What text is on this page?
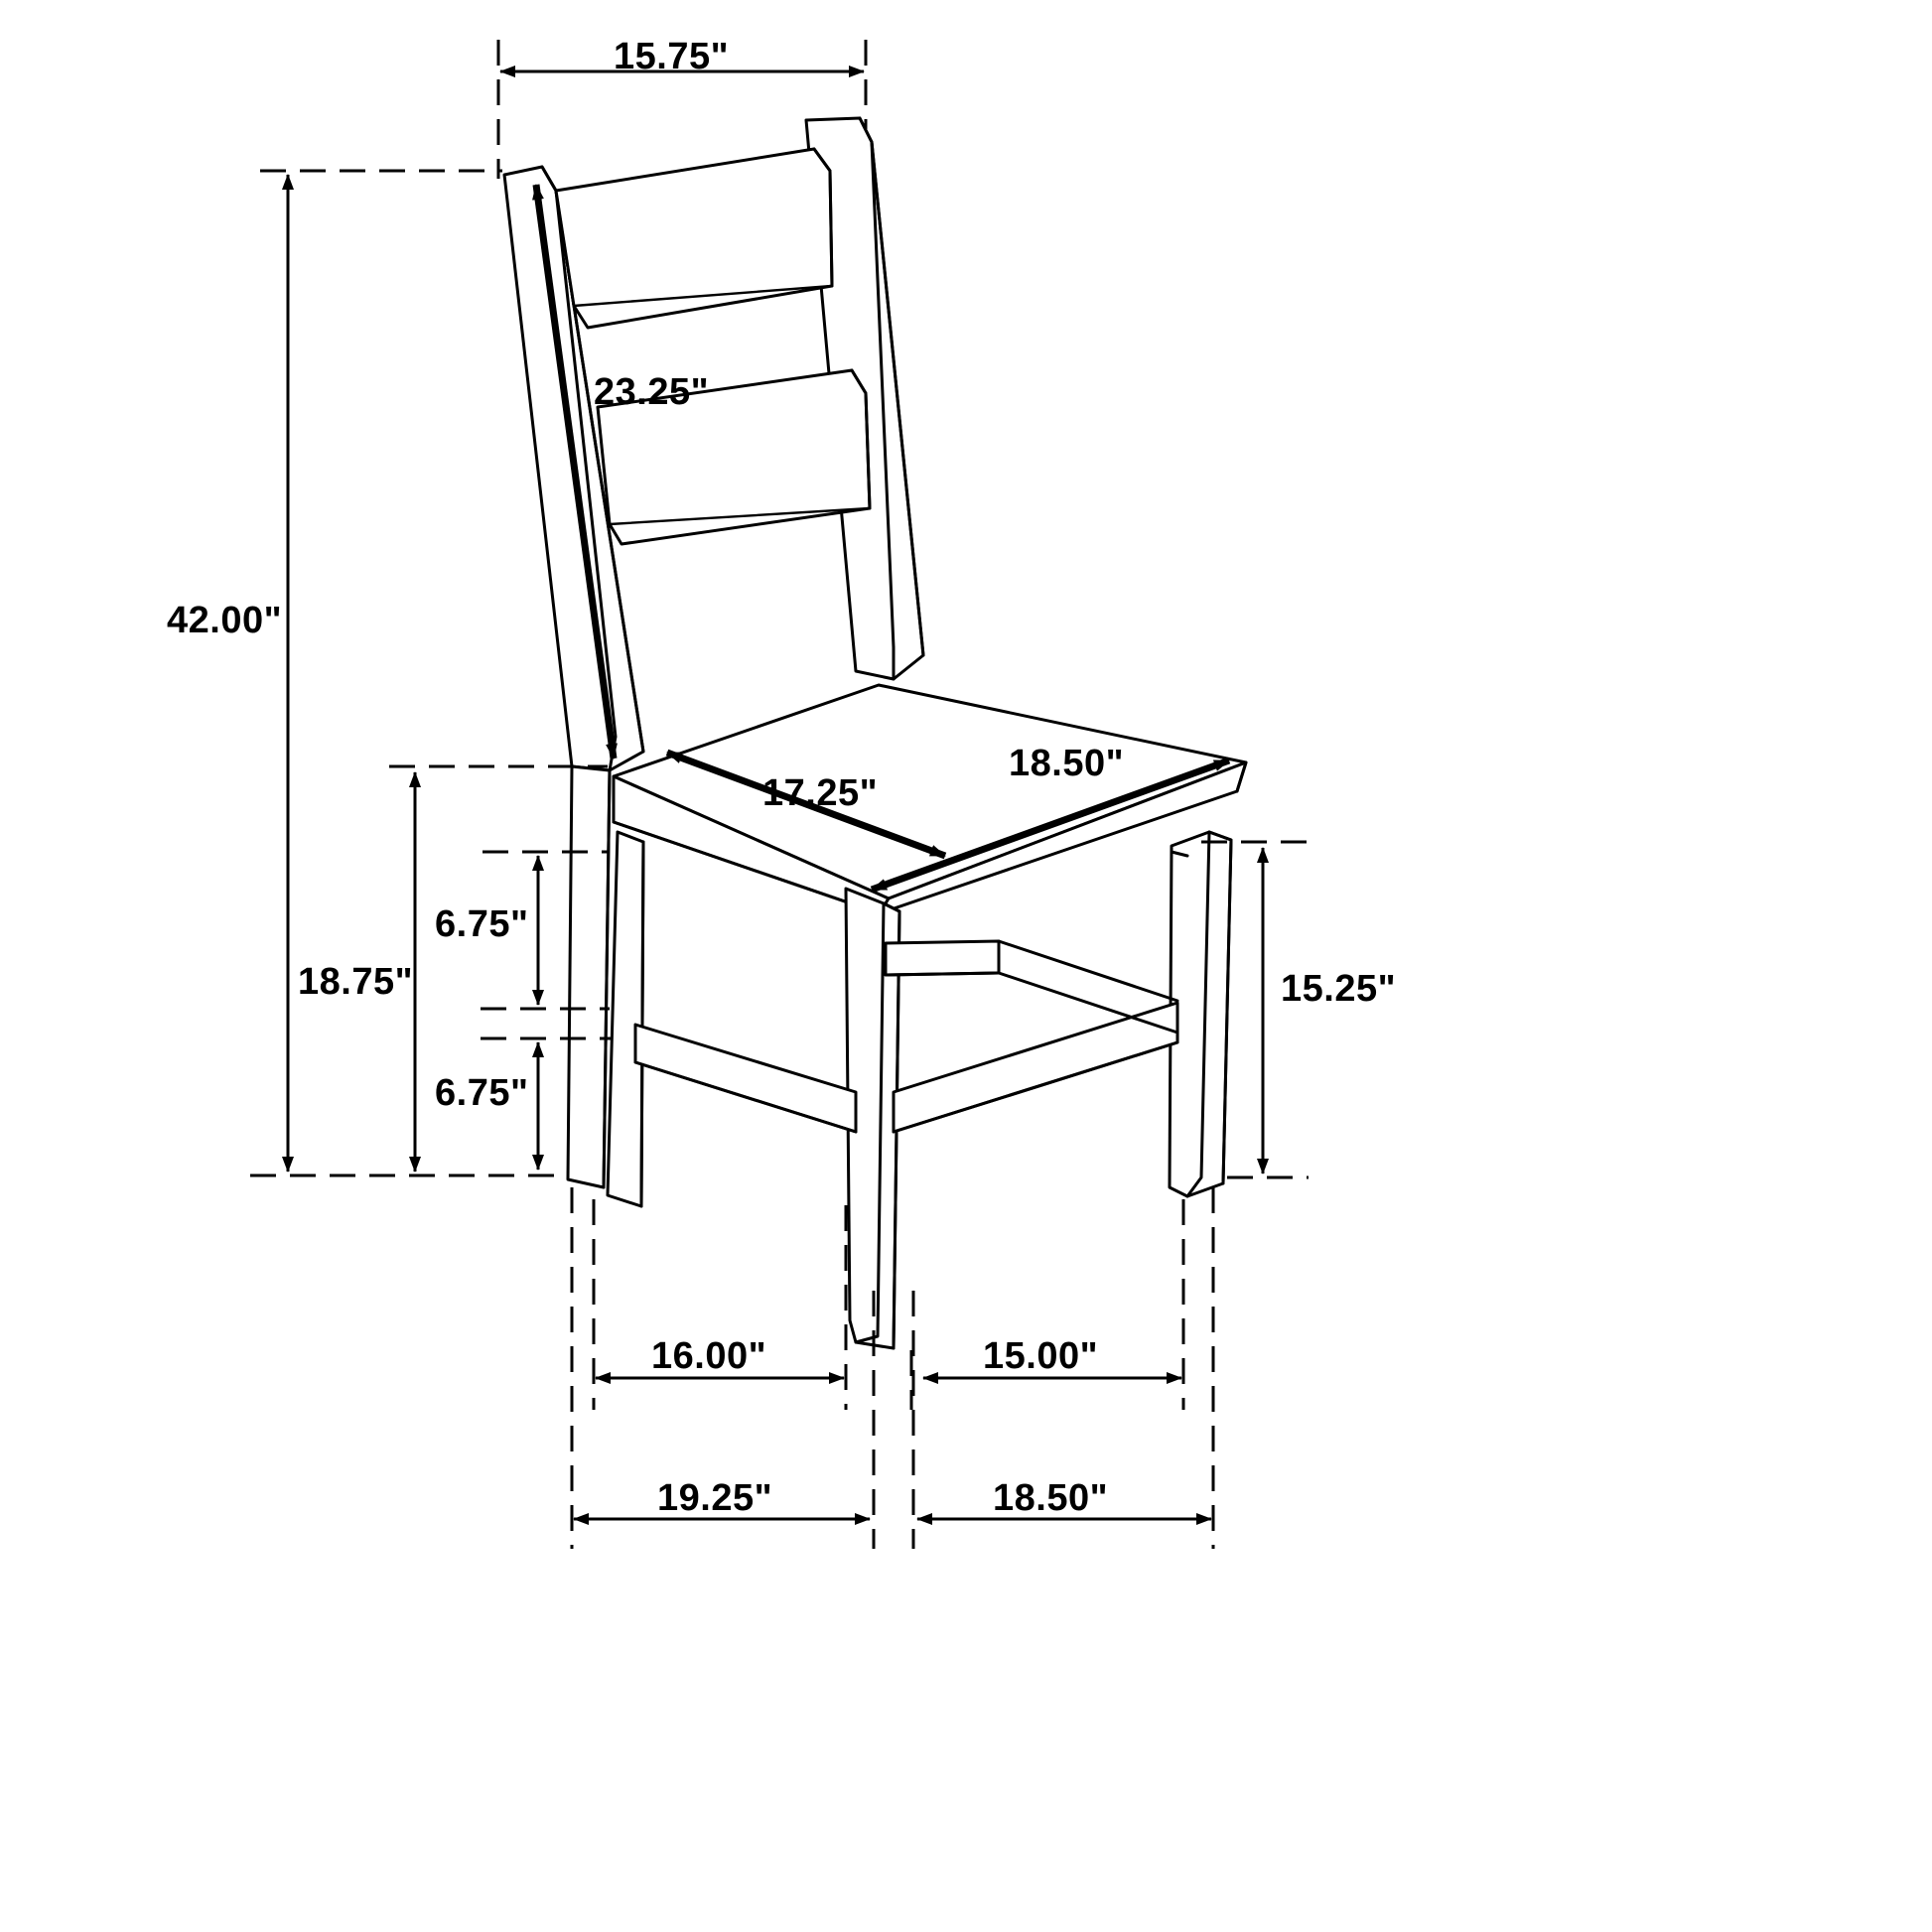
15.75"
42.00"
23.25"
17.25"
18.50"
18.75"
6.75"
6.75"
15.25"
16.00"	15.00"
19.25"	18.50"
